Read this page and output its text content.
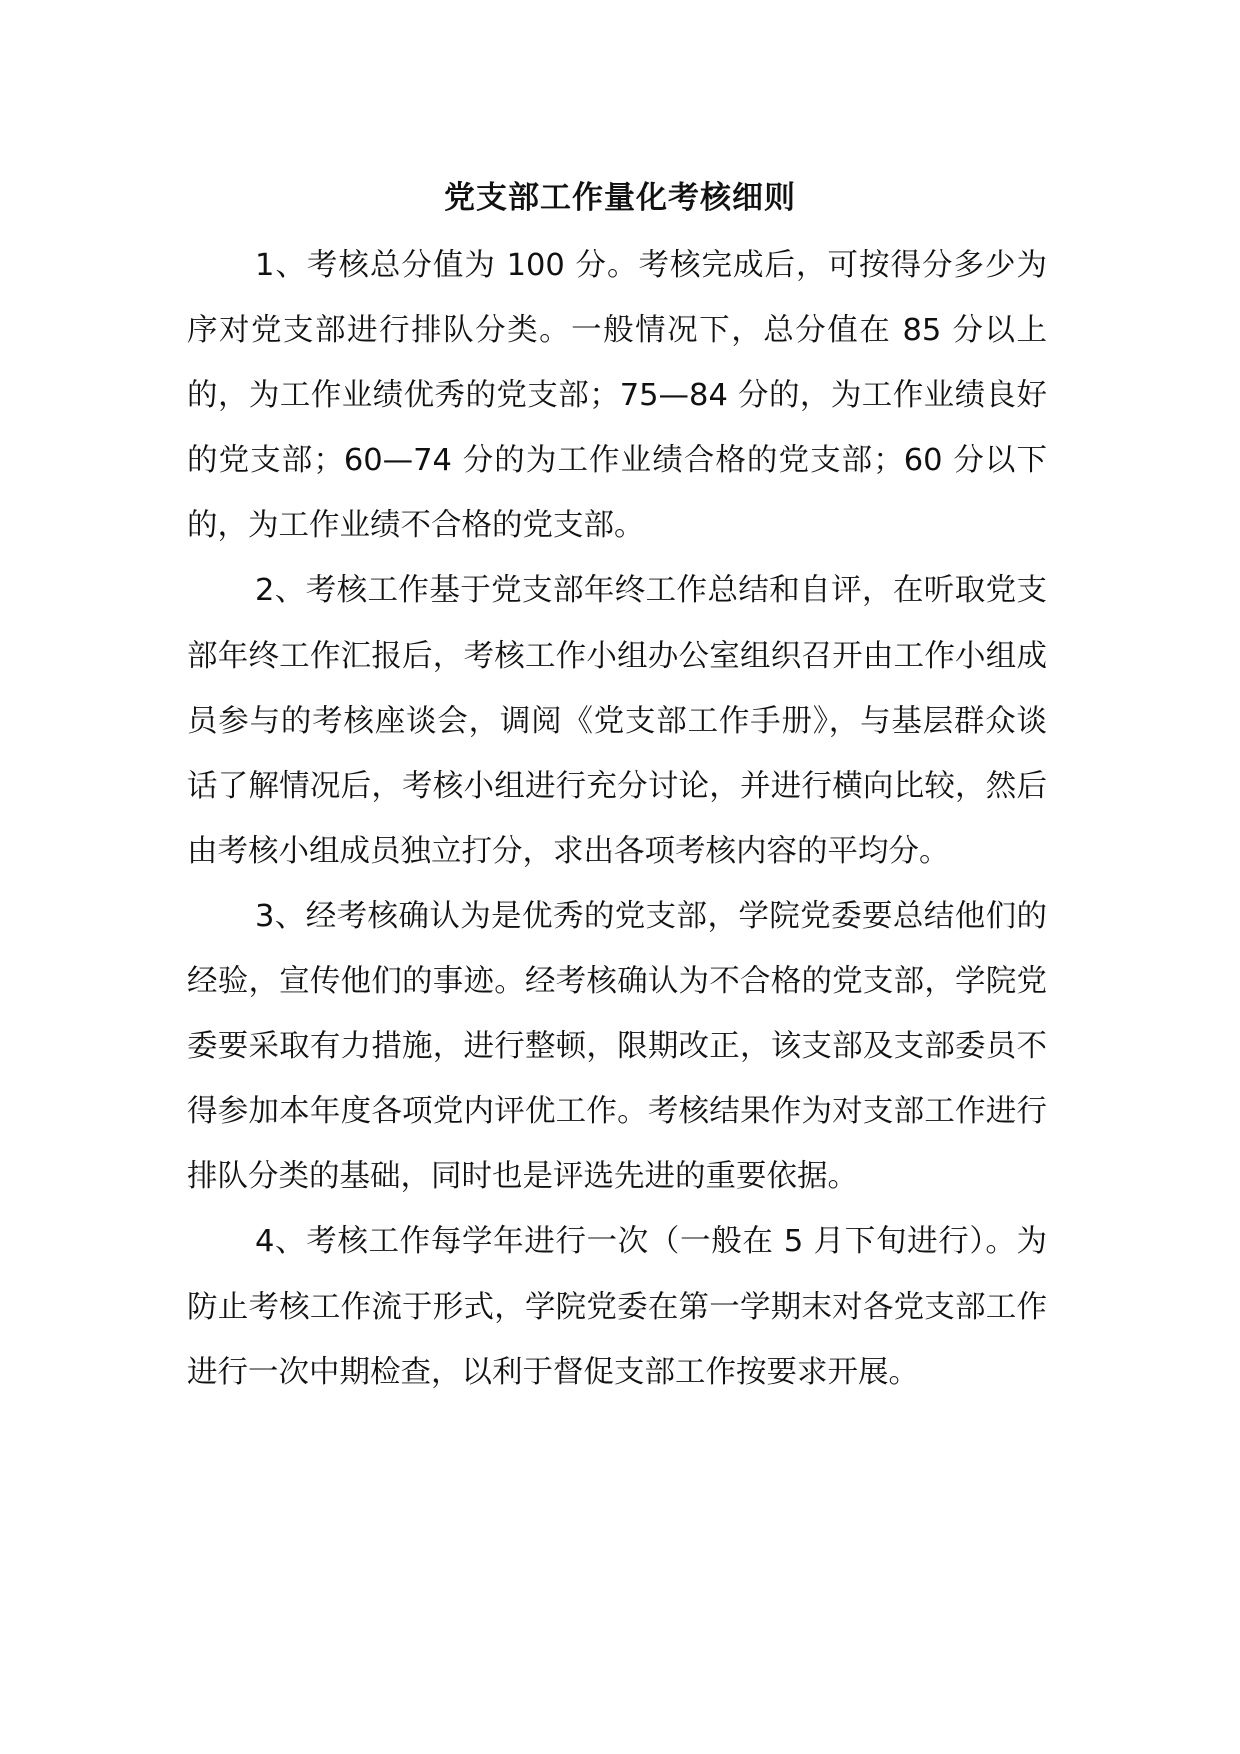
党支部工作量化考核细则

1、考核总分值为 100 分。考核完成后，可按得分多少为序对党支部进行排队分类。一般情况下，总分值在 85 分以上的，为工作业绩优秀的党支部；75—84 分的，为工作业绩良好的党支部；60—74 分的为工作业绩合格的党支部；60 分以下的，为工作业绩不合格的党支部。

2、考核工作基于党支部年终工作总结和自评，在听取党支部年终工作汇报后，考核工作小组办公室组织召开由工作小组成员参与的考核座谈会，调阅《党支部工作手册》，与基层群众谈话了解情况后，考核小组进行充分讨论，并进行横向比较，然后由考核小组成员独立打分，求出各项考核内容的平均分。

3、经考核确认为是优秀的党支部，学院党委要总结他们的经验，宣传他们的事迹。经考核确认为不合格的党支部，学院党委要采取有力措施，进行整顿，限期改正，该支部及支部委员不得参加本年度各项党内评优工作。考核结果作为对支部工作进行排队分类的基础，同时也是评选先进的重要依据。

4、考核工作每学年进行一次（一般在 5 月下旬进行）。为防止考核工作流于形式，学院党委在第一学期末对各党支部工作进行一次中期检查，以利于督促支部工作按要求开展。
